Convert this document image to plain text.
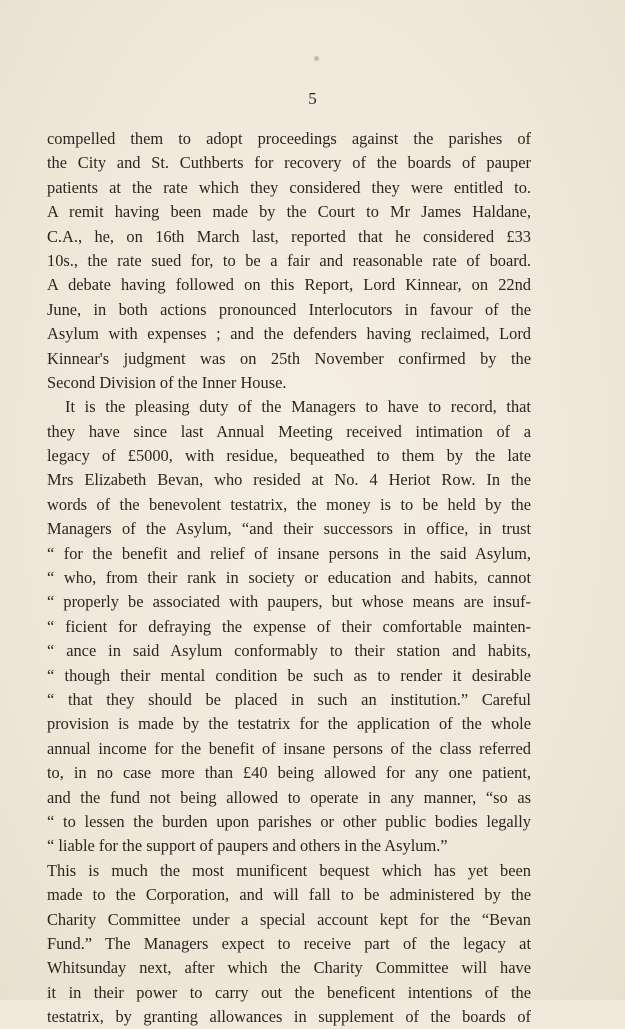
5
compelled them to adopt proceedings against the parishes of
the City and St. Cuthberts for recovery of the boards of pauper
patients at the rate which they considered they were entitled to.
A remit having been made by the Court to Mr James Haldane,
C.A., he, on 16th March last, reported that he considered £33
10s., the rate sued for, to be a fair and reasonable rate of board.
A debate having followed on this Report, Lord Kinnear, on 22nd
June, in both actions pronounced Interlocutors in favour of the
Asylum with expenses ; and the defenders having reclaimed, Lord
Kinnear's judgment was on 25th November confirmed by the
Second Division of the Inner House.
It is the pleasing duty of the Managers to have to record, that
they have since last Annual Meeting received intimation of a
legacy of £5000, with residue, bequeathed to them by the late
Mrs Elizabeth Bevan, who resided at No. 4 Heriot Row. In the
words of the benevolent testatrix, the money is to be held by the
Managers of the Asylum, “and their successors in office, in trust
“ for the benefit and relief of insane persons in the said Asylum,
“ who, from their rank in society or education and habits, cannot
“ properly be associated with paupers, but whose means are insuf-
“ ficient for defraying the expense of their comfortable mainten-
“ ance in said Asylum conformably to their station and habits,
“ though their mental condition be such as to render it desirable
“ that they should be placed in such an institution.” Careful
provision is made by the testatrix for the application of the whole
annual income for the benefit of insane persons of the class referred
to, in no case more than £40 being allowed for any one patient,
and the fund not being allowed to operate in any manner, “so as
“ to lessen the burden upon parishes or other public bodies legally
“ liable for the support of paupers and others in the Asylum.”
This is much the most munificent bequest which has yet been
made to the Corporation, and will fall to be administered by the
Charity Committee under a special account kept for the “Bevan
Fund.” The Managers expect to receive part of the legacy at
Whitsunday next, after which the Charity Committee will have
it in their power to carry out the beneficent intentions of the
testatrix, by granting allowances in supplement of the boards of
